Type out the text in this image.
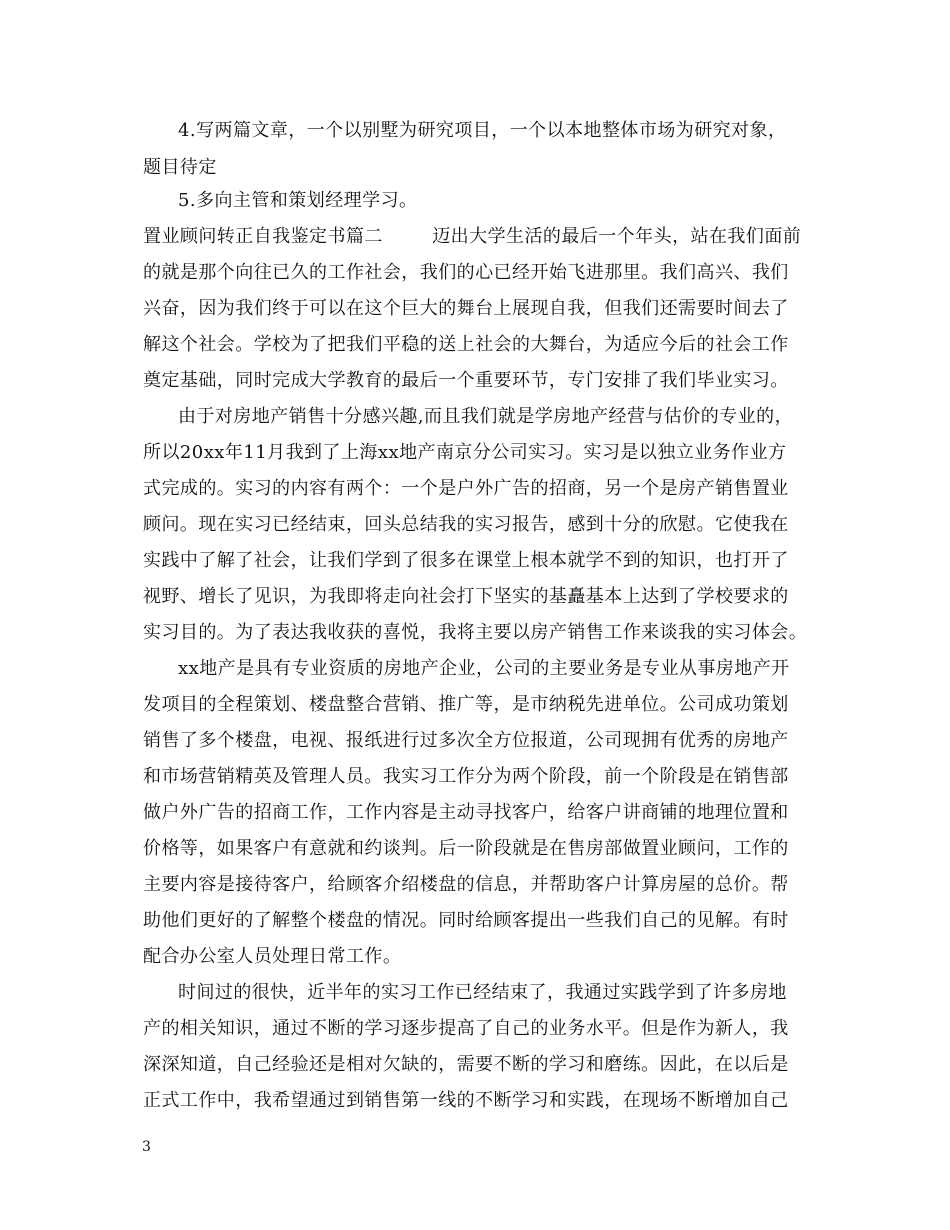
4.写两篇文章，一个以别墅为研究项目，一个以本地整体市场为研究对象，
题目待定
5.多向主管和策划经理学习。
置业顾问转正自我鉴定书篇二        迈出大学生活的最后一个年头，站在我们面前
的就是那个向往已久的工作社会，我们的心已经开始飞进那里。我们高兴、我们
兴奋，因为我们终于可以在这个巨大的舞台上展现自我，但我们还需要时间去了
解这个社会。学校为了把我们平稳的送上社会的大舞台，为适应今后的社会工作
奠定基础，同时完成大学教育的最后一个重要环节，专门安排了我们毕业实习。
由于对房地产销售十分感兴趣,而且我们就是学房地产经营与估价的专业的，
所以20xx年11月我到了上海xx地产南京分公司实习。实习是以独立业务作业方
式完成的。实习的内容有两个：一个是户外广告的招商，另一个是房产销售置业
顾问。现在实习已经结束，回头总结我的实习报告，感到十分的欣慰。它使我在
实践中了解了社会，让我们学到了很多在课堂上根本就学不到的知识，也打开了
视野、增长了见识，为我即将走向社会打下坚实的基矗基本上达到了学校要求的
实习目的。为了表达我收获的喜悦，我将主要以房产销售工作来谈我的实习体会。
xx地产是具有专业资质的房地产企业，公司的主要业务是专业从事房地产开
发项目的全程策划、楼盘整合营销、推广等，是市纳税先进单位。公司成功策划
销售了多个楼盘，电视、报纸进行过多次全方位报道，公司现拥有优秀的房地产
和市场营销精英及管理人员。我实习工作分为两个阶段，前一个阶段是在销售部
做户外广告的招商工作，工作内容是主动寻找客户，给客户讲商铺的地理位置和
价格等，如果客户有意就和约谈判。后一阶段就是在售房部做置业顾问，工作的
主要内容是接待客户，给顾客介绍楼盘的信息，并帮助客户计算房屋的总价。帮
助他们更好的了解整个楼盘的情况。同时给顾客提出一些我们自己的见解。有时
配合办公室人员处理日常工作。
时间过的很快，近半年的实习工作已经结束了，我通过实践学到了许多房地
产的相关知识，通过不断的学习逐步提高了自己的业务水平。但是作为新人，我
深深知道，自己经验还是相对欠缺的，需要不断的学习和磨练。因此，在以后是
正式工作中，我希望通过到销售第一线的不断学习和实践，在现场不断增加自己
3
